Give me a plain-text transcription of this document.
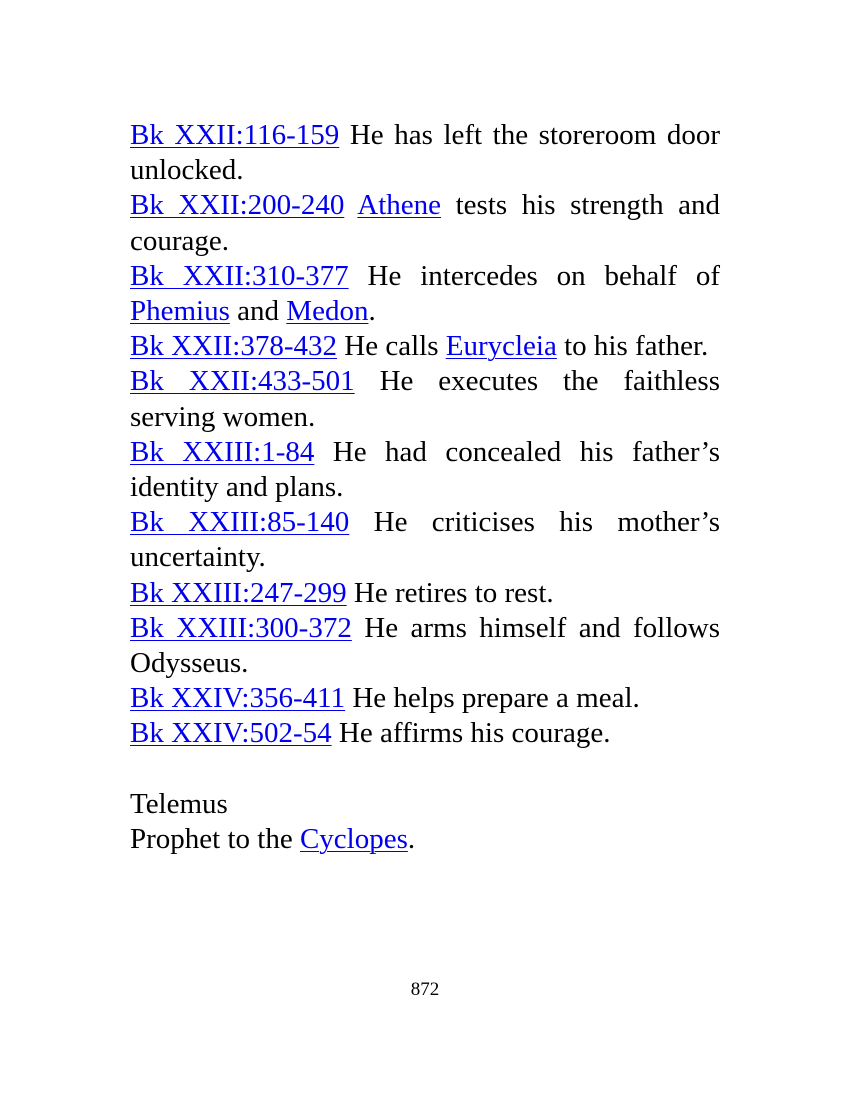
Bk XXII:116-159 He has left the storeroom door unlocked.

Bk XXII:200-240 Athene tests his strength and courage.

Bk XXII:310-377 He intercedes on behalf of Phemius and Medon.

Bk XXII:378-432 He calls Eurycleia to his father.

Bk XXII:433-501 He executes the faithless serving women.

Bk XXIII:1-84 He had concealed his father’s identity and plans.

Bk XXIII:85-140 He criticises his mother’s uncertainty.

Bk XXIII:247-299 He retires to rest.

Bk XXIII:300-372 He arms himself and follows Odysseus.

Bk XXIV:356-411 He helps prepare a meal.

Bk XXIV:502-54 He affirms his courage.

Telemus

Prophet to the Cyclopes.

872
